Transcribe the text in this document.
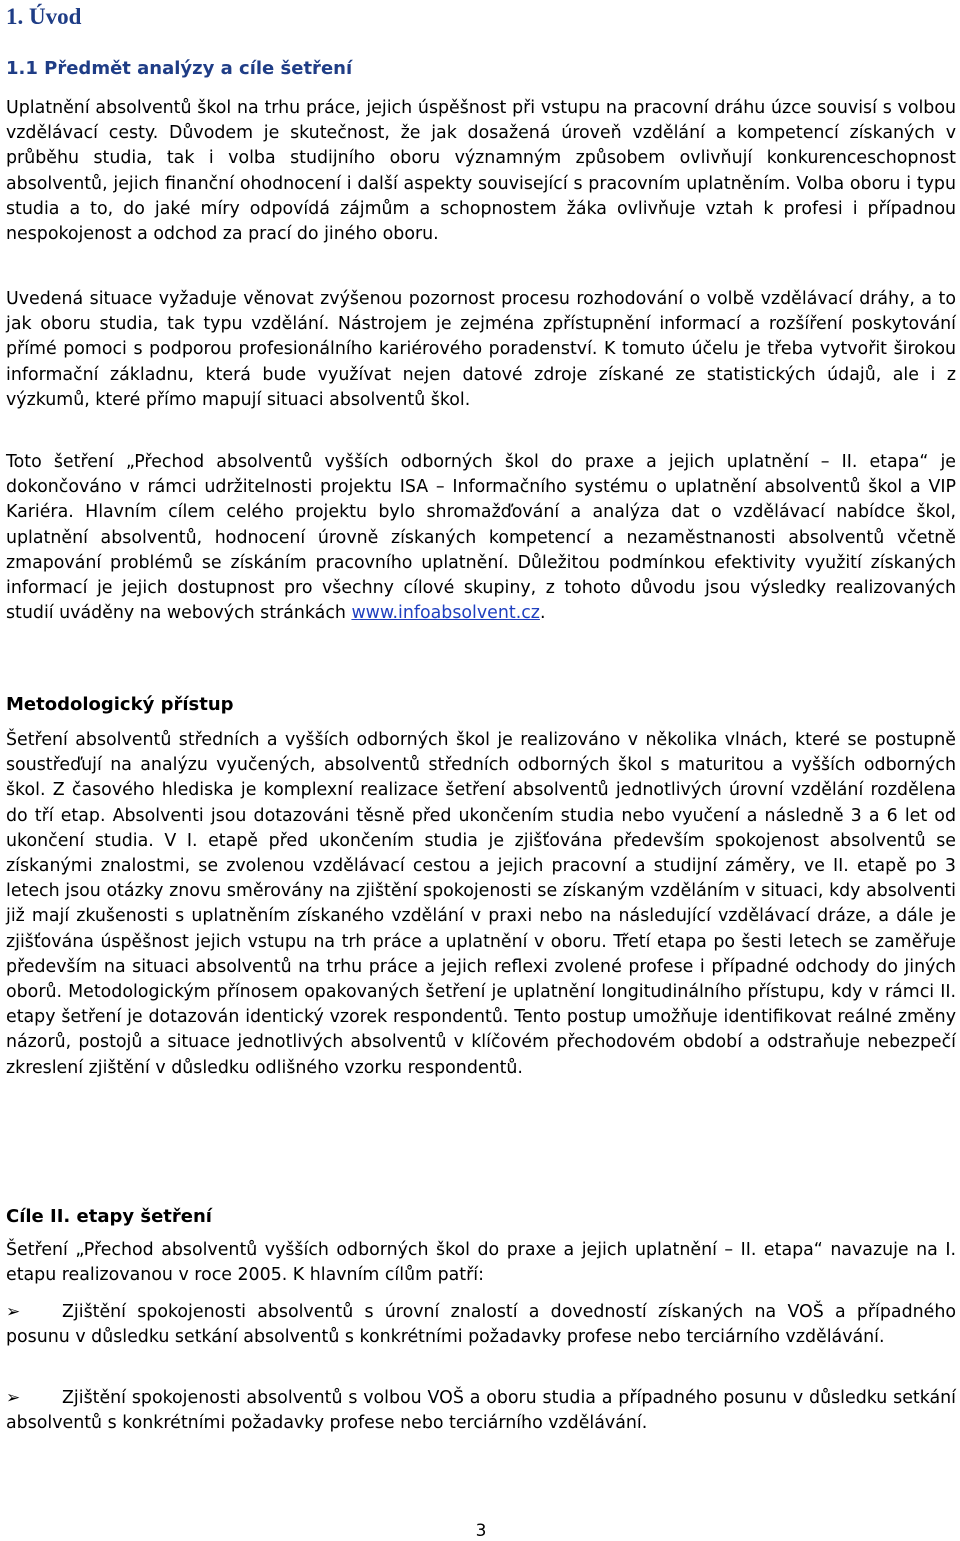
1. Úvod
1.1 Předmět analýzy a cíle šetření
Uplatnění absolventů škol na trhu práce, jejich úspěšnost při vstupu na pracovní dráhu úzce souvisí s volbou vzdělávací cesty. Důvodem je skutečnost, že jak dosažená úroveň vzdělání a kompetencí získaných v průběhu studia, tak i volba studijního oboru významným způsobem ovlivňují konkurenceschopnost absolventů, jejich finanční ohodnocení i další aspekty související s pracovním uplatněním. Volba oboru i typu studia a to, do jaké míry odpovídá zájmům a schopnostem žáka ovlivňuje vztah k profesi i případnou nespokojenost a odchod za prací do jiného oboru.
Uvedená situace vyžaduje věnovat zvýšenou pozornost procesu rozhodování o volbě vzdělávací dráhy, a to jak oboru studia, tak typu vzdělání. Nástrojem je zejména zpřístupnění informací a rozšíření poskytování přímé pomoci s podporou profesionálního kariérového poradenství. K tomuto účelu je třeba vytvořit širokou informační základnu, která bude využívat nejen datové zdroje získané ze statistických údajů, ale i z výzkumů, které přímo mapují situaci absolventů škol.
Toto šetření „Přechod absolventů vyšších odborných škol do praxe a jejich uplatnění – II. etapa“ je dokončováno v rámci udržitelnosti projektu ISA – Informačního systému o uplatnění absolventů škol a VIP Kariéra. Hlavním cílem celého projektu bylo shromažďování a analýza dat o vzdělávací nabídce škol, uplatnění absolventů, hodnocení úrovně získaných kompetencí a nezaměstnanosti absolventů včetně zmapování problémů se získáním pracovního uplatnění. Důležitou podmínkou efektivity využití získaných informací je jejich dostupnost pro všechny cílové skupiny, z tohoto důvodu jsou výsledky realizovaných studií uváděny na webových stránkách www.infoabsolvent.cz.
Metodologický přístup
Šetření absolventů středních a vyšších odborných škol je realizováno v několika vlnách, které se postupně soustřeďují na analýzu vyučených, absolventů středních odborných škol s maturitou a vyšších odborných škol. Z časového hlediska je komplexní realizace šetření absolventů jednotlivých úrovní vzdělání rozdělena do tří etap. Absolventi jsou dotazováni těsně před ukončením studia nebo vyučení a následně 3 a 6 let od ukončení studia. V I. etapě před ukončením studia je zjišťována především spokojenost absolventů se získanými znalostmi, se zvolenou vzdělávací cestou a jejich pracovní a studijní záměry, ve II. etapě po 3 letech jsou otázky znovu směrovány na zjištění spokojenosti se získaným vzděláním v situaci, kdy absolventi již mají zkušenosti s uplatněním získaného vzdělání v praxi nebo na následující vzdělávací dráze, a dále je zjišťována úspěšnost jejich vstupu na trh práce a uplatnění v oboru. Třetí etapa po šesti letech se zaměřuje především na situaci absolventů na trhu práce a jejich reflexi zvolené profese i případné odchody do jiných oborů. Metodologickým přínosem opakovaných šetření je uplatnění longitudinálního přístupu, kdy v rámci II. etapy šetření je dotazován identický vzorek respondentů. Tento postup umožňuje identifikovat reálné změny názorů, postojů a situace jednotlivých absolventů v klíčovém přechodovém období a odstraňuje nebezpečí zkreslení zjištění v důsledku odlišného vzorku respondentů.
Cíle II. etapy šetření
Šetření „Přechod absolventů vyšších odborných škol do praxe a jejich uplatnění – II. etapa“ navazuje na I. etapu realizovanou v roce 2005. K hlavním cílům patří:
➢ Zjištění spokojenosti absolventů s úrovní znalostí a dovedností získaných na VOŠ a případného posunu v důsledku setkání absolventů s konkrétními požadavky profese nebo terciárního vzdělávání.
➢ Zjištění spokojenosti absolventů s volbou VOŠ a oboru studia a případného posunu v důsledku setkání absolventů s konkrétními požadavky profese nebo terciárního vzdělávání.
3
